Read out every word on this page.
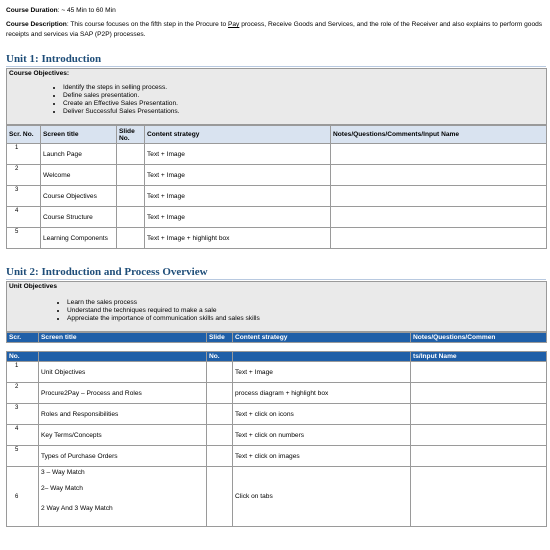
Course Duration: ~ 45 Min to 60 Min
Course Description: This course focuses on the fifth step in the Procure to Pay process, Receive Goods and Services, and the role of the Receiver and also explains to perform goods receipts and services via SAP (P2P) processes.
Unit 1: Introduction
Course Objectives:
• Identify the steps in selling process.
• Define sales presentation.
• Create an Effective Sales Presentation.
• Deliver Successful Sales Presentations.
Scr. No.	Screen title	Slide No.	Content strategy	Notes/Questions/Comments/Input Name
1	Launch Page		Text + Image	
2	Welcome		Text + Image	
3	Course Objectives		Text + Image	
4	Course Structure		Text + Image	
5	Learning Components		Text + Image + highlight box	
Unit 2: Introduction and Process Overview
Unit Objectives
• Learn the sales process
• Understand the techniques required to make a sale
• Appreciate the importance of communication skills and sales skills
Scr.	Screen title	Slide	Content strategy	Notes/Questions/Commen
No.		No.		ts/Input Name
1	Unit Objectives		Text + Image	
2	Procure2Pay – Process and Roles		process diagram + highlight box	
3	Roles and Responsibilities		Text + click on icons	
4	Key Terms/Concepts		Text + click on numbers	
5	Types of Purchase Orders		Text + click on images	
6	3 – Way Match
2– Way Match
2 Way And 3 Way Match		Click on tabs	
